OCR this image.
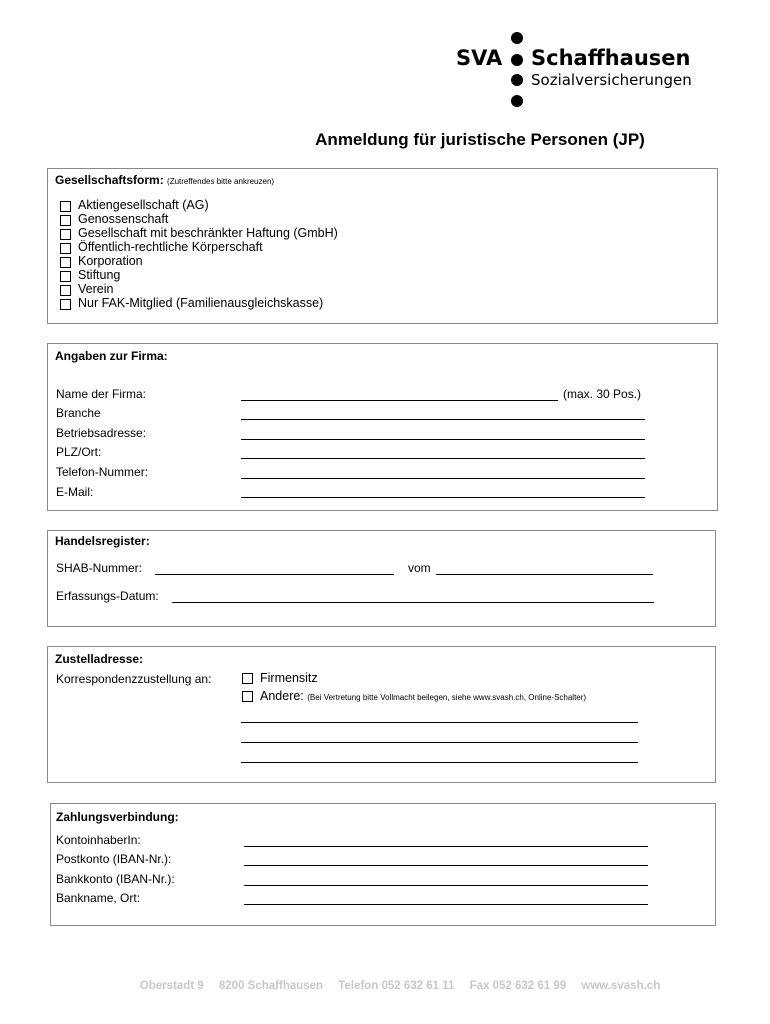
SVA Schaffhausen
Sozialversicherungen
Anmeldung für juristische Personen (JP)
Gesellschaftsform: (Zutreffendes bitte ankreuzen)
Aktiengesellschaft (AG)
Genossenschaft
Gesellschaft mit beschränkter Haftung (GmbH)
Öffentlich-rechtliche Körperschaft
Korporation
Stiftung
Verein
Nur FAK-Mitglied (Familienausgleichskasse)
Angaben zur Firma:
Name der Firma:	(max. 30 Pos.)
Branche
Betriebsadresse:
PLZ/Ort:
Telefon-Nummer:
E-Mail:
Handelsregister:
SHAB-Nummer:	vom
Erfassungs-Datum:
Zustelladresse:
Korrespondenzzustellung an:	Firmensitz
Andere: (Bei Vertretung bitte Vollmacht beilegen, siehe www.svash.ch, Online-Schalter)
Zahlungsverbindung:
KontoinhaberIn:
Postkonto (IBAN-Nr.):
Bankkonto (IBAN-Nr.):
Bankname, Ort:
Oberstadt 9 8200 Schaffhausen Telefon 052 632 61 11 Fax 052 632 61 99 www.svash.ch
